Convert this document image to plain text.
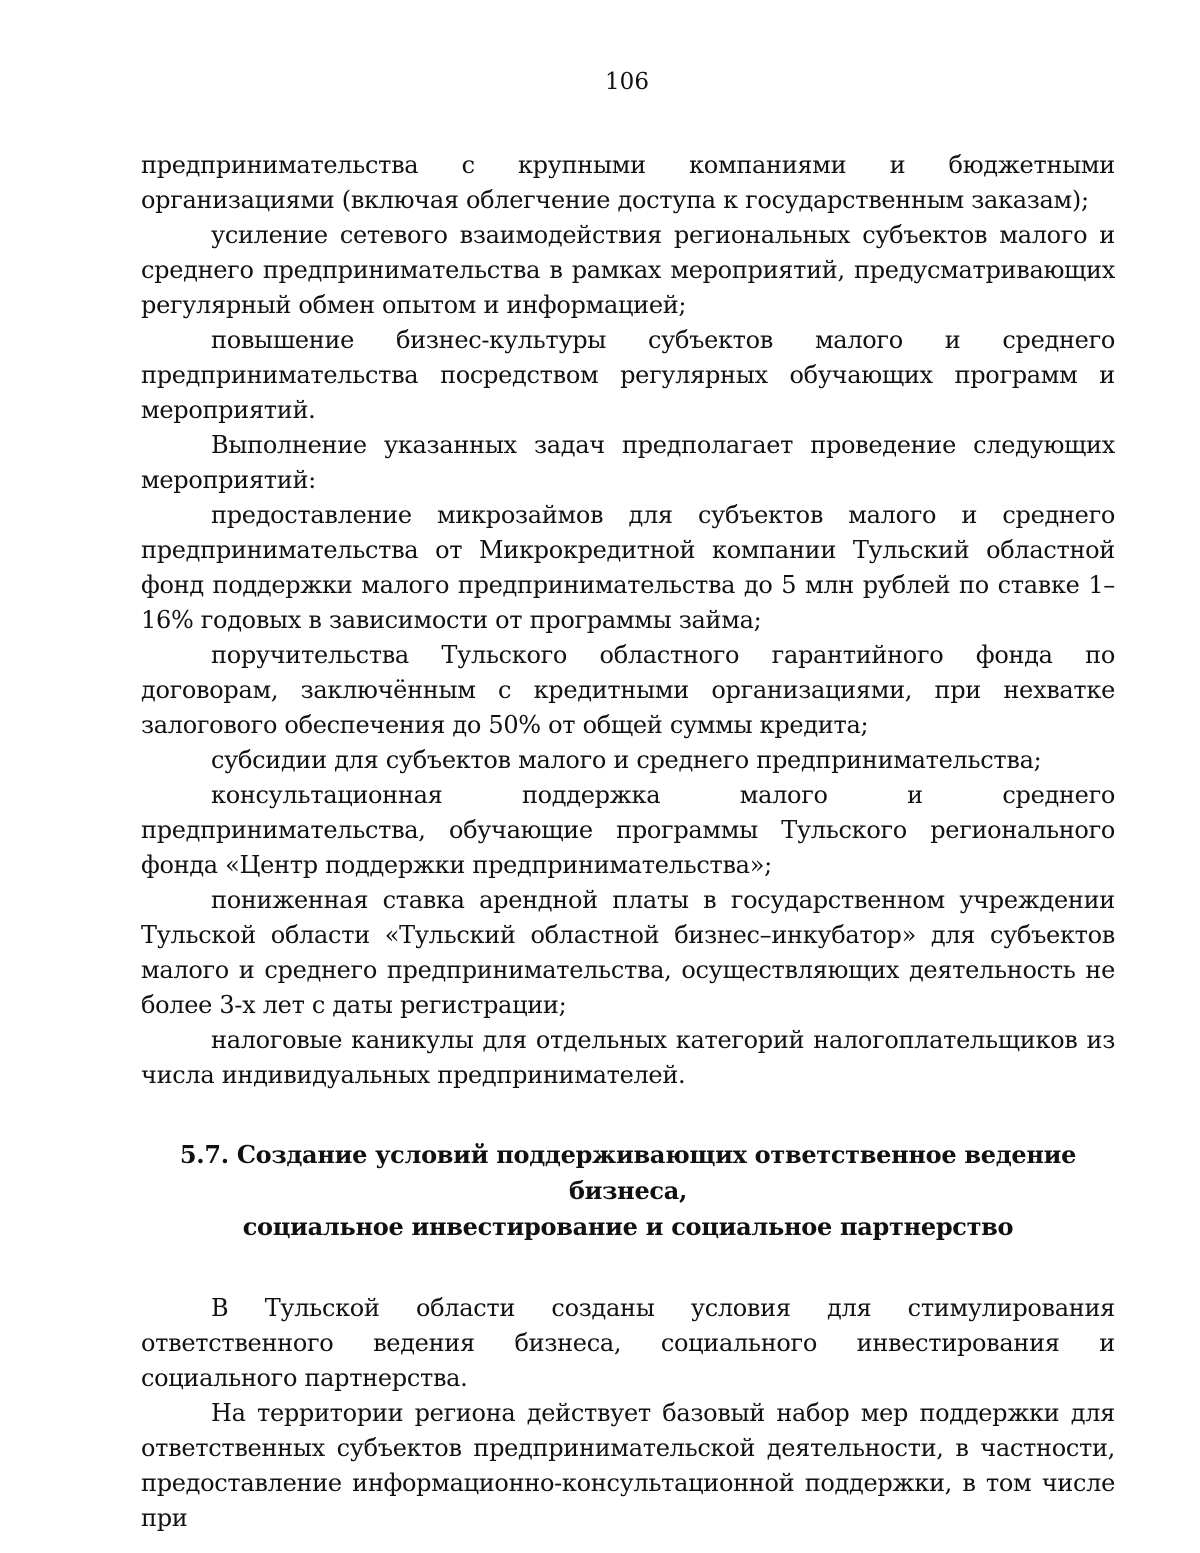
106

предпринимательства с крупными компаниями и бюджетными организациями (включая облегчение доступа к государственным заказам);

усиление сетевого взаимодействия региональных субъектов малого и среднего предпринимательства в рамках мероприятий, предусматривающих регулярный обмен опытом и информацией;

повышение бизнес-культуры субъектов малого и среднего предпринимательства посредством регулярных обучающих программ и мероприятий.

Выполнение указанных задач предполагает проведение следующих мероприятий:

предоставление микрозаймов для субъектов малого и среднего предпринимательства от Микрокредитной компании Тульский областной фонд поддержки малого предпринимательства до 5 млн рублей по ставке 1–16% годовых в зависимости от программы займа;

поручительства Тульского областного гарантийного фонда по договорам, заключённым с кредитными организациями, при нехватке залогового обеспечения до 50% от общей суммы кредита;

субсидии для субъектов малого и среднего предпринимательства;

консультационная поддержка малого и среднего предпринимательства, обучающие программы Тульского регионального фонда «Центр поддержки предпринимательства»;

пониженная ставка арендной платы в государственном учреждении Тульской области «Тульский областной бизнес–инкубатор» для субъектов малого и среднего предпринимательства, осуществляющих деятельность не более 3-х лет с даты регистрации;

налоговые каникулы для отдельных категорий налогоплательщиков из числа индивидуальных предпринимателей.

5.7. Создание условий поддерживающих ответственное ведение бизнеса,
социальное инвестирование и социальное партнерство

В Тульской области созданы условия для стимулирования ответственного ведения бизнеса, социального инвестирования и социального партнерства.

На территории региона действует базовый набор мер поддержки для ответственных субъектов предпринимательской деятельности, в частности, предоставление информационно-консультационной поддержки, в том числе при
